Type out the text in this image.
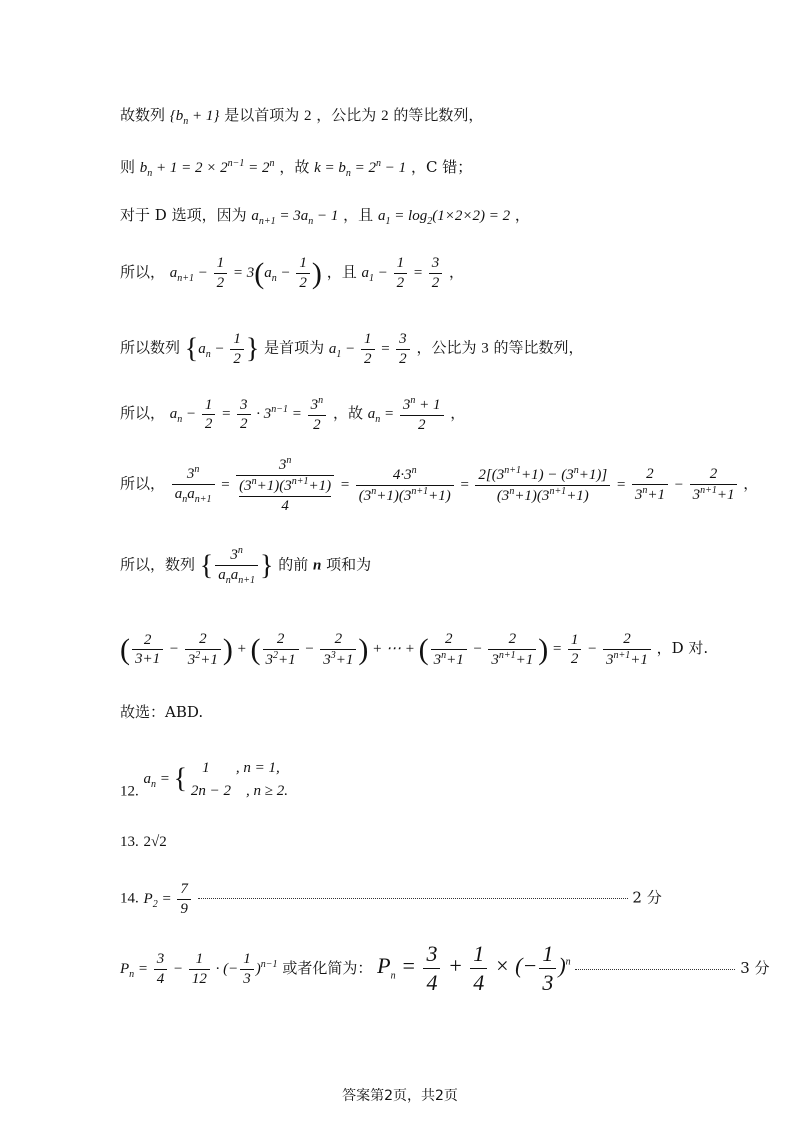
故数列 $\{b_n + 1\}$ 是以首项为 2 ，公比为 2 的等比数列，
则 $b_n + 1 = 2 \times 2^{n-1} = 2^n$ ，故 $k = b_n = 2^n - 1$ ，C 错；
对于 D 选项，因为 $a_{n+1} = 3a_n - 1$ ，且 $a_1 = \log_2(1\times 2\times 2) = 2$ ，
所以， $a_{n+1} - \frac{1}{2} = 3(a_n - \frac{1}{2}$ ) ，且 $a_1 - \frac{1}{2} = \frac{3}{2}$ ，
所以数列 {$a_n - \frac{1}{2}$ } 是首项为 $a_1 - \frac{1}{2} = \frac{3}{2}$ ，公比为 3 的等比数列，
所以， $a_n - \frac{1}{2} = \frac{3}{2} \cdot 3^{n-1} = \frac{3^n}{2}$ ，故 $a_n = \frac{3^n + 1}{2}$ ，
所以， $\frac{3^n}{a_na_{n+1}} = 3^n$
$(3^n+1)(3^{n+1}+1)$
$4 = \frac{4\cdot 3^n}{(3^n+1)(3^{n+1}+1)} = \frac{2[(3^{n+1}+1) - (3^n+1)]}{(3^n+1)(3^{n+1}+1)} = \frac{2}{3^n+1} - \frac{2}{3^{n+1}+1}$ ，
所以，数列 { $\frac{3^n}{a_na_{n+1}}$ } 的前 n 项和为
( $\frac{2}{3+1} - \frac{2}{3^2+1}$ ) + ( $\frac{2}{3^2+1} - \frac{2}{3^3+1}$ ) + ⋯ + ( $\frac{2}{3^n+1} - \frac{2}{3^{n+1}+1}$ ) = $\frac{1}{2} - \frac{2}{3^{n+1}+1}$ ，D 对.
故选：ABD.
12. $a_n$ = { 1       , n = 1,
2n − 2    , n ≥ 2.
13. 2√2
14. $P_2 = \frac{7}{9}$	2 分
$P_n = \frac{3}{4} - \frac{1}{12}$ · (− $\frac{1}{3} )^{n-1}$ 或者化简为： $P_n = \frac{3}{4} + \frac{1}{4}$ × (− $\frac{1}{3} )^n$	3 分
答案第2页，共2页
